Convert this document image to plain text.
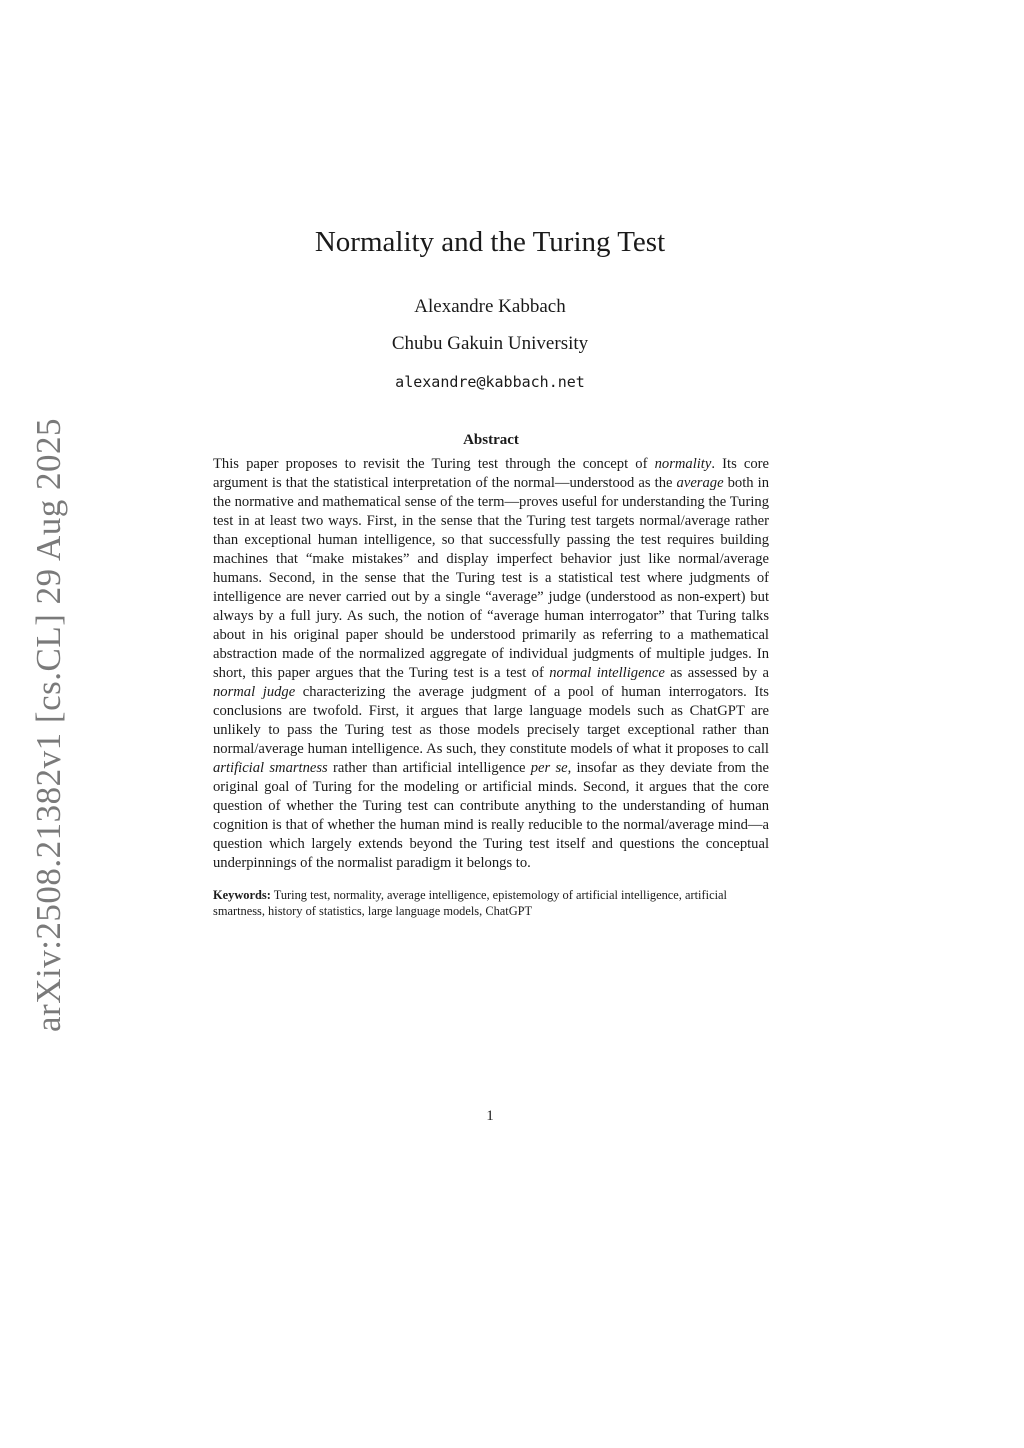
arXiv:2508.21382v1 [cs.CL] 29 Aug 2025
Normality and the Turing Test
Alexandre Kabbach
Chubu Gakuin University
alexandre@kabbach.net
Abstract

This paper proposes to revisit the Turing test through the concept of normality. Its core argument is that the statistical interpretation of the normal—understood as the average both in the normative and mathematical sense of the term—proves useful for understanding the Turing test in at least two ways. First, in the sense that the Turing test targets normal/average rather than exceptional human intelligence, so that successfully passing the test requires building machines that “make mistakes” and display imperfect behavior just like normal/average humans. Second, in the sense that the Turing test is a statistical test where judgments of intelligence are never carried out by a single “average” judge (understood as non-expert) but always by a full jury. As such, the notion of “average human interrogator” that Turing talks about in his original paper should be understood primarily as referring to a mathematical abstraction made of the normalized aggregate of individual judgments of multiple judges. In short, this paper argues that the Turing test is a test of normal intelligence as assessed by a normal judge characterizing the average judgment of a pool of human interrogators. Its conclusions are twofold. First, it argues that large language models such as ChatGPT are unlikely to pass the Turing test as those models precisely target exceptional rather than normal/average human intelligence. As such, they constitute models of what it proposes to call artificial smartness rather than artificial intelligence per se, insofar as they deviate from the original goal of Turing for the modeling or artificial minds. Second, it argues that the core question of whether the Turing test can contribute anything to the understanding of human cognition is that of whether the human mind is really reducible to the normal/average mind—a question which largely extends beyond the Turing test itself and questions the conceptual underpinnings of the normalist paradigm it belongs to.

Keywords: Turing test, normality, average intelligence, epistemology of artificial intelligence, artificial smartness, history of statistics, large language models, ChatGPT
1
